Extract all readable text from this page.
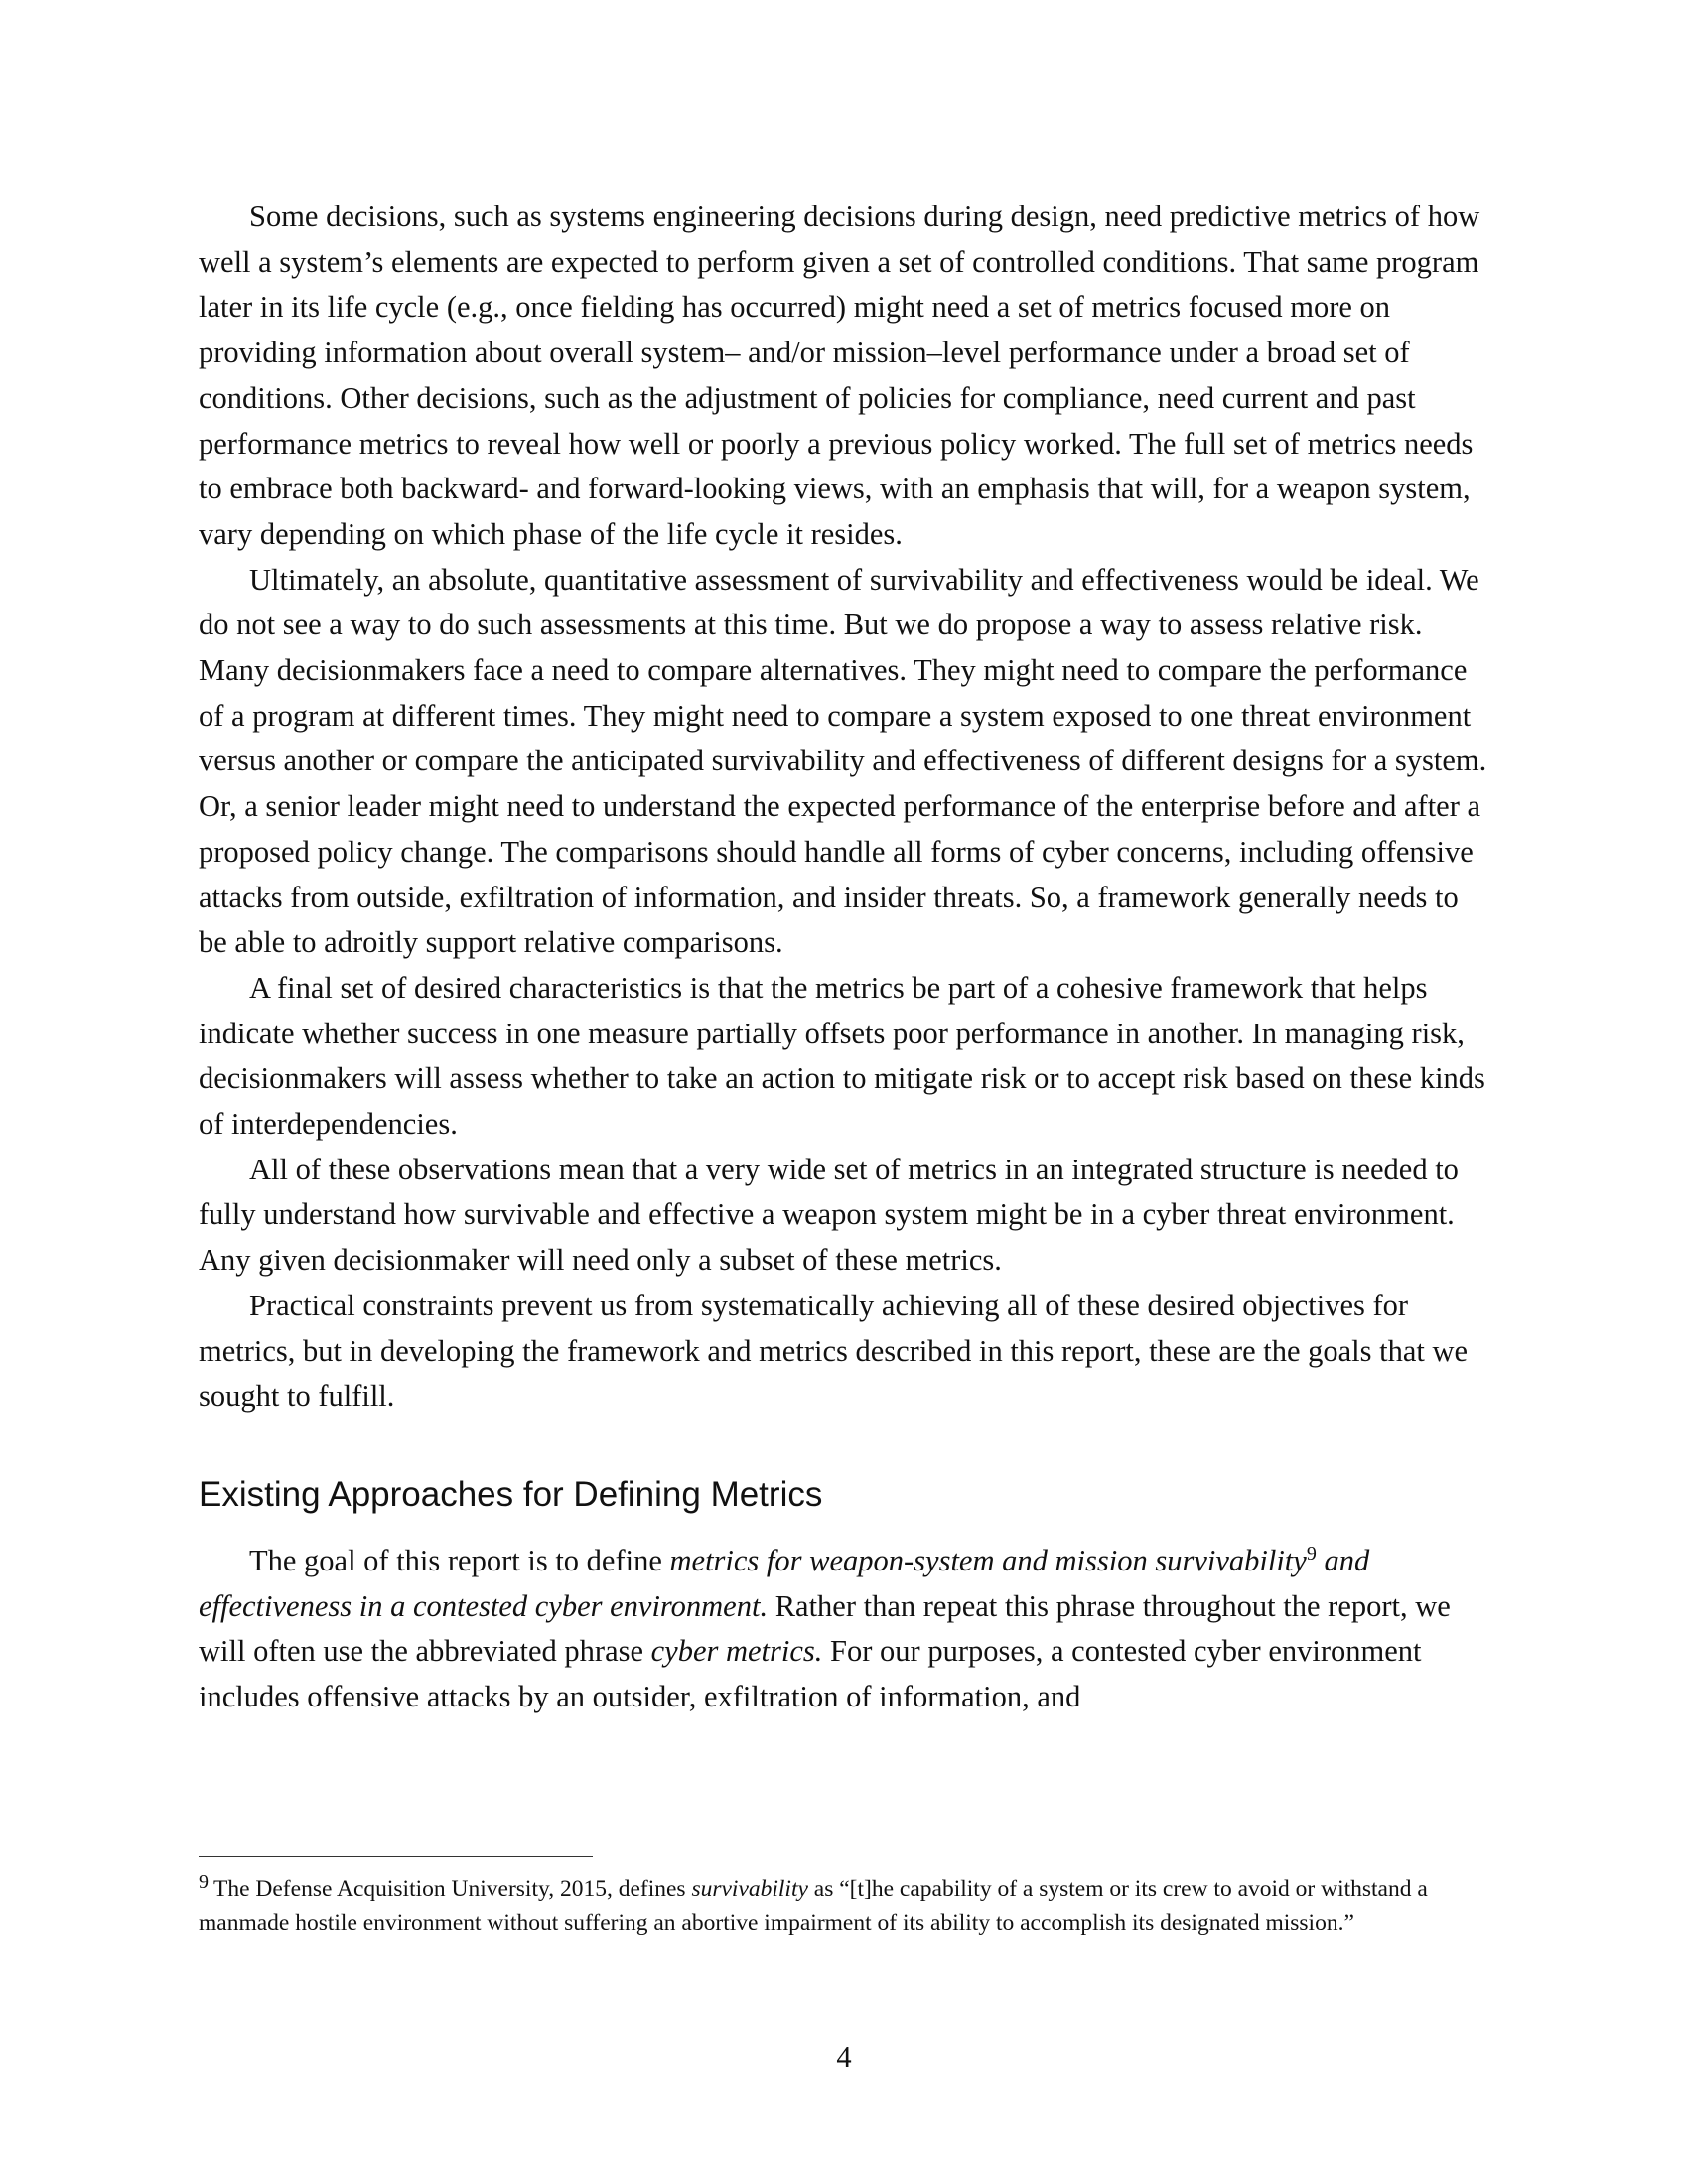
Some decisions, such as systems engineering decisions during design, need predictive metrics of how well a system’s elements are expected to perform given a set of controlled conditions. That same program later in its life cycle (e.g., once fielding has occurred) might need a set of metrics focused more on providing information about overall system– and/or mission–level performance under a broad set of conditions. Other decisions, such as the adjustment of policies for compliance, need current and past performance metrics to reveal how well or poorly a previous policy worked. The full set of metrics needs to embrace both backward- and forward-looking views, with an emphasis that will, for a weapon system, vary depending on which phase of the life cycle it resides.

Ultimately, an absolute, quantitative assessment of survivability and effectiveness would be ideal. We do not see a way to do such assessments at this time. But we do propose a way to assess relative risk. Many decisionmakers face a need to compare alternatives. They might need to compare the performance of a program at different times. They might need to compare a system exposed to one threat environment versus another or compare the anticipated survivability and effectiveness of different designs for a system. Or, a senior leader might need to understand the expected performance of the enterprise before and after a proposed policy change. The comparisons should handle all forms of cyber concerns, including offensive attacks from outside, exfiltration of information, and insider threats. So, a framework generally needs to be able to adroitly support relative comparisons.

A final set of desired characteristics is that the metrics be part of a cohesive framework that helps indicate whether success in one measure partially offsets poor performance in another. In managing risk, decisionmakers will assess whether to take an action to mitigate risk or to accept risk based on these kinds of interdependencies.

All of these observations mean that a very wide set of metrics in an integrated structure is needed to fully understand how survivable and effective a weapon system might be in a cyber threat environment. Any given decisionmaker will need only a subset of these metrics.

Practical constraints prevent us from systematically achieving all of these desired objectives for metrics, but in developing the framework and metrics described in this report, these are the goals that we sought to fulfill.

Existing Approaches for Defining Metrics

The goal of this report is to define metrics for weapon-system and mission survivability$^9$ and effectiveness in a contested cyber environment. Rather than repeat this phrase throughout the report, we will often use the abbreviated phrase cyber metrics. For our purposes, a contested cyber environment includes offensive attacks by an outsider, exfiltration of information, and

$^9$ The Defense Acquisition University, 2015, defines survivability as “[t]he capability of a system or its crew to avoid or withstand a manmade hostile environment without suffering an abortive impairment of its ability to accomplish its designated mission.”

4
